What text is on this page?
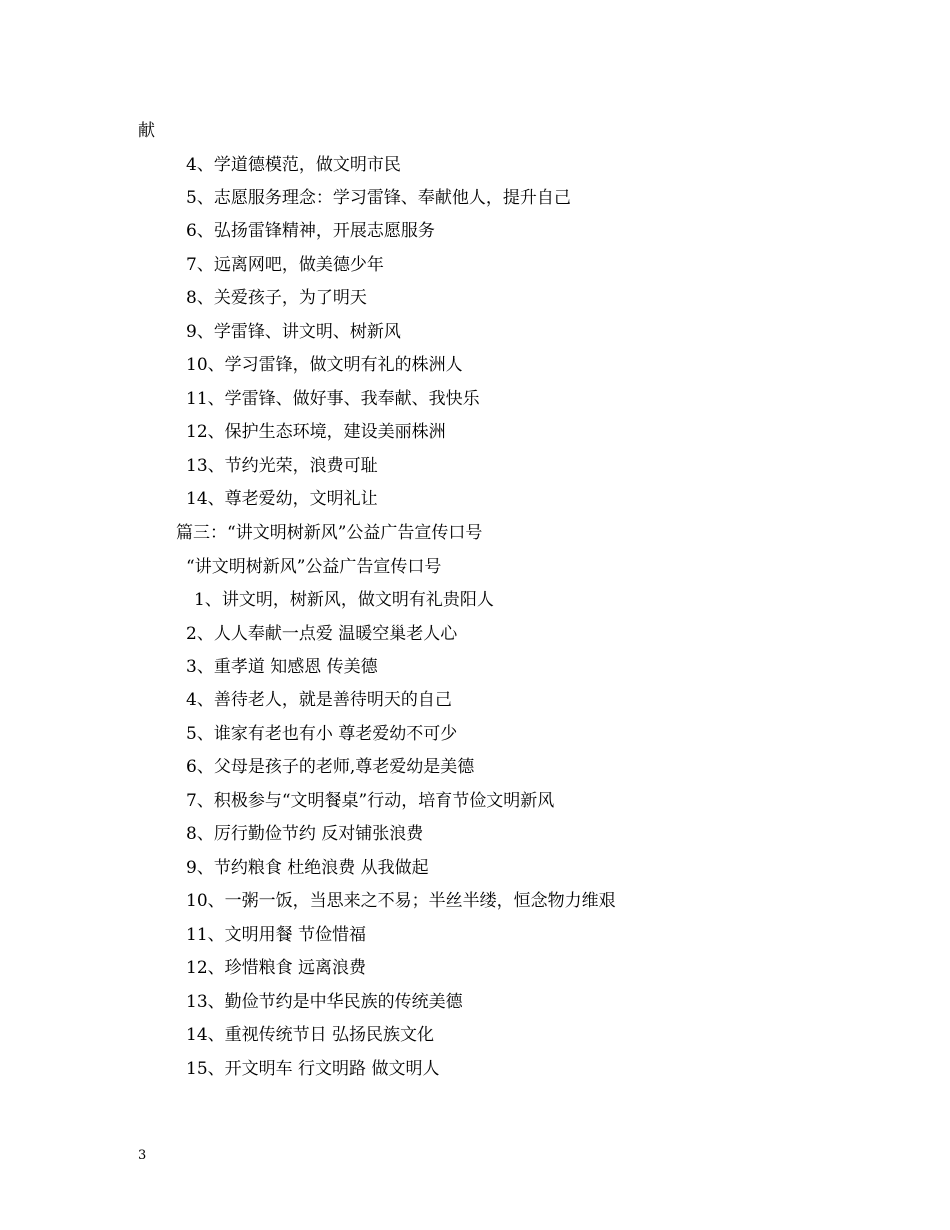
献
4、学道德模范，做文明市民
5、志愿服务理念：学习雷锋、奉献他人，提升自己
6、弘扬雷锋精神，开展志愿服务
7、远离网吧，做美德少年
8、关爱孩子，为了明天
9、学雷锋、讲文明、树新风
10、学习雷锋，做文明有礼的株洲人
11、学雷锋、做好事、我奉献、我快乐
12、保护生态环境，建设美丽株洲
13、节约光荣，浪费可耻
14、尊老爱幼，文明礼让
篇三：“讲文明树新风”公益广告宣传口号
“讲文明树新风”公益广告宣传口号
1、讲文明，树新风，做文明有礼贵阳人
2、人人奉献一点爱 温暖空巢老人心
3、重孝道 知感恩 传美德
4、善待老人，就是善待明天的自己
5、谁家有老也有小 尊老爱幼不可少
6、父母是孩子的老师,尊老爱幼是美德
7、积极参与“文明餐桌”行动，培育节俭文明新风
8、厉行勤俭节约 反对铺张浪费
9、节约粮食 杜绝浪费 从我做起
10、一粥一饭，当思来之不易；半丝半缕，恒念物力维艰
11、文明用餐 节俭惜福
12、珍惜粮食 远离浪费
13、勤俭节约是中华民族的传统美德
14、重视传统节日 弘扬民族文化
15、开文明车 行文明路 做文明人
3
